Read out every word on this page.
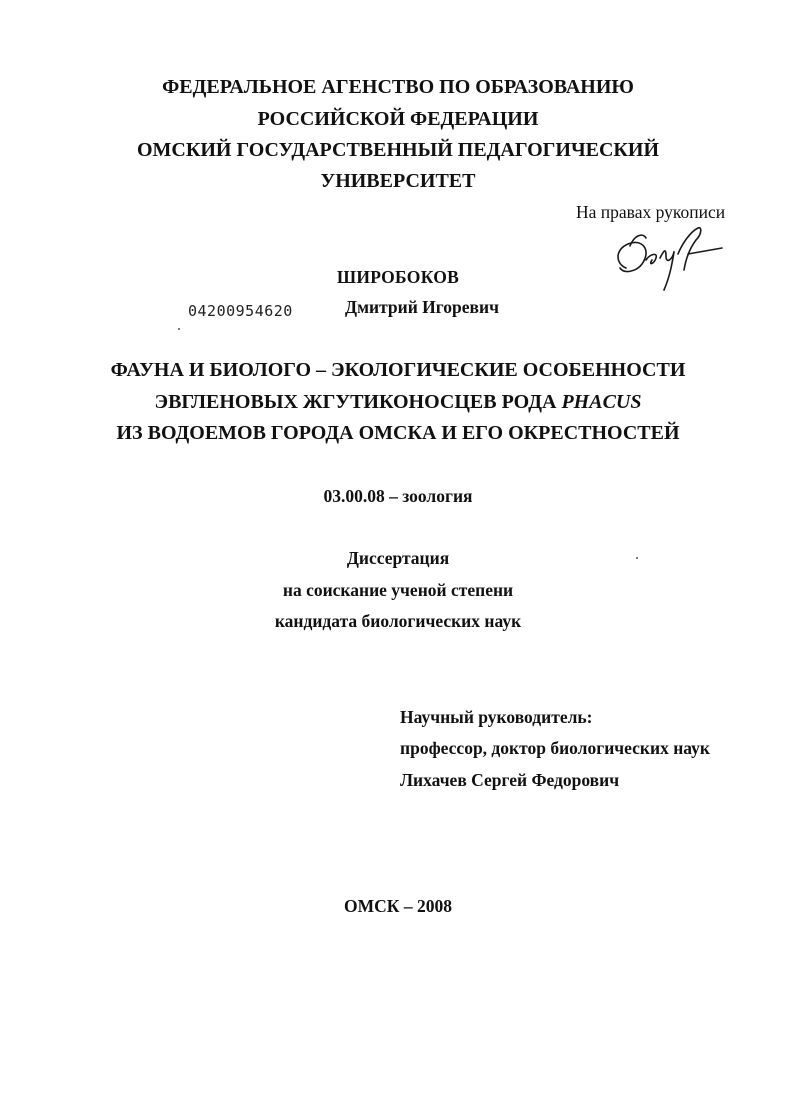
ФЕДЕРАЛЬНОЕ АГЕНСТВО ПО ОБРАЗОВАНИЮ
РОССИЙСКОЙ ФЕДЕРАЦИИ
ОМСКИЙ ГОСУДАРСТВЕННЫЙ ПЕДАГОГИЧЕСКИЙ
УНИВЕРСИТЕТ
На правах рукописи
ШИРОБОКОВ
04200954620	Дмитрий Игоревич
ФАУНА И БИОЛОГО – ЭКОЛОГИЧЕСКИЕ ОСОБЕННОСТИ
ЭВГЛЕНОВЫХ ЖГУТИКОНОСЦЕВ РОДА PHACUS
ИЗ ВОДОЕМОВ ГОРОДА ОМСКА И ЕГО ОКРЕСТНОСТЕЙ
03.00.08 – зоология
Диссертация
на соискание ученой степени
кандидата биологических наук
Научный руководитель:
профессор, доктор биологических наук
Лихачев Сергей Федорович
ОМСК – 2008
